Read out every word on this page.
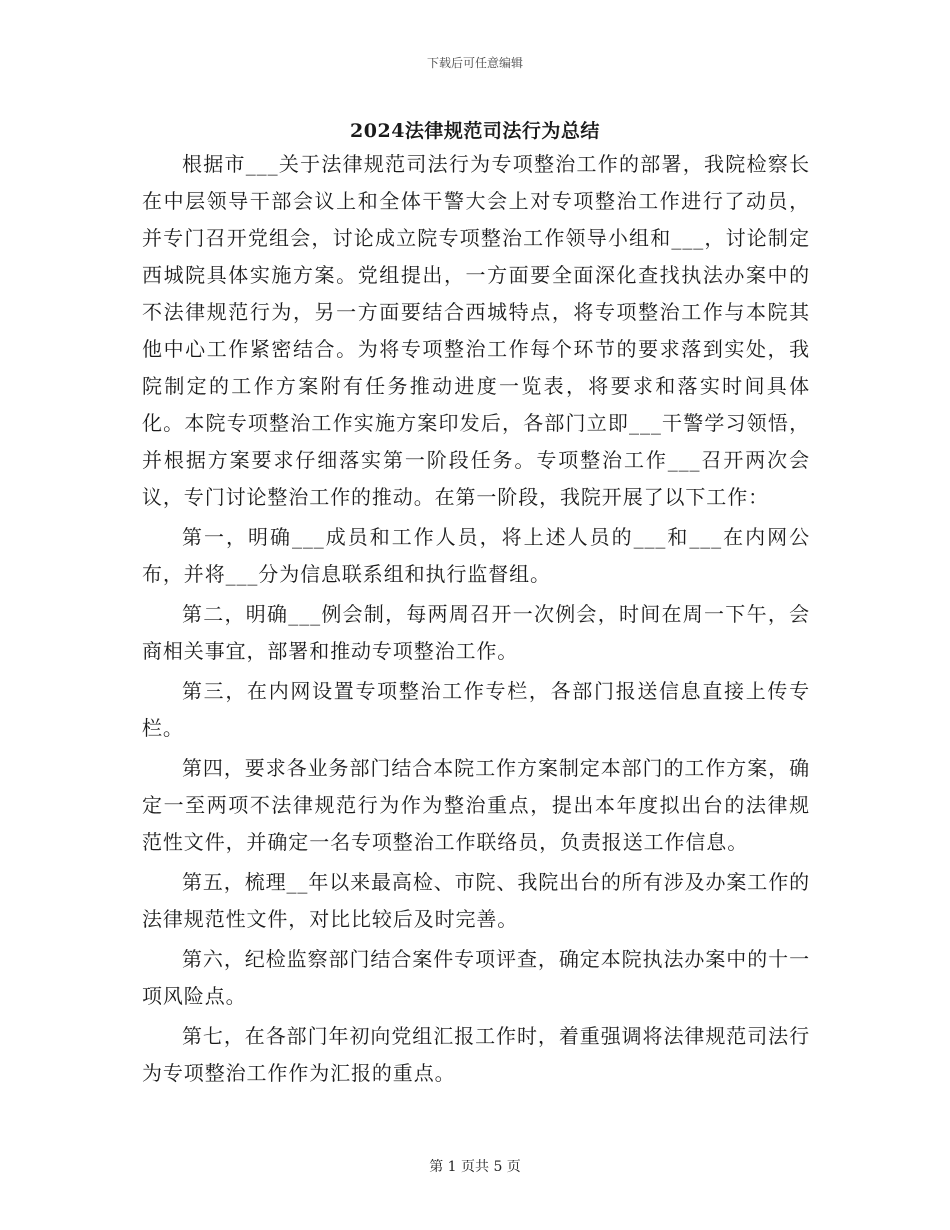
下载后可任意编辑
2024法律规范司法行为总结

根据市___关于法律规范司法行为专项整治工作的部署，我院检察长在中层领导干部会议上和全体干警大会上对专项整治工作进行了动员，并专门召开党组会，讨论成立院专项整治工作领导小组和___，讨论制定西城院具体实施方案。党组提出，一方面要全面深化查找执法办案中的不法律规范行为，另一方面要结合西城特点，将专项整治工作与本院其他中心工作紧密结合。为将专项整治工作每个环节的要求落到实处，我院制定的工作方案附有任务推动进度一览表，将要求和落实时间具体化。本院专项整治工作实施方案印发后，各部门立即___干警学习领悟，并根据方案要求仔细落实第一阶段任务。专项整治工作___召开两次会议，专门讨论整治工作的推动。在第一阶段，我院开展了以下工作：

第一，明确___成员和工作人员，将上述人员的___和___在内网公布，并将___分为信息联系组和执行监督组。

第二，明确___例会制，每两周召开一次例会，时间在周一下午，会商相关事宜，部署和推动专项整治工作。

第三，在内网设置专项整治工作专栏，各部门报送信息直接上传专栏。

第四，要求各业务部门结合本院工作方案制定本部门的工作方案，确定一至两项不法律规范行为作为整治重点，提出本年度拟出台的法律规范性文件，并确定一名专项整治工作联络员，负责报送工作信息。

第五，梳理__年以来最高检、市院、我院出台的所有涉及办案工作的法律规范性文件，对比比较后及时完善。

第六，纪检监察部门结合案件专项评查，确定本院执法办案中的十一项风险点。

第七，在各部门年初向党组汇报工作时，着重强调将法律规范司法行为专项整治工作作为汇报的重点。

第 1 页共 5 页
